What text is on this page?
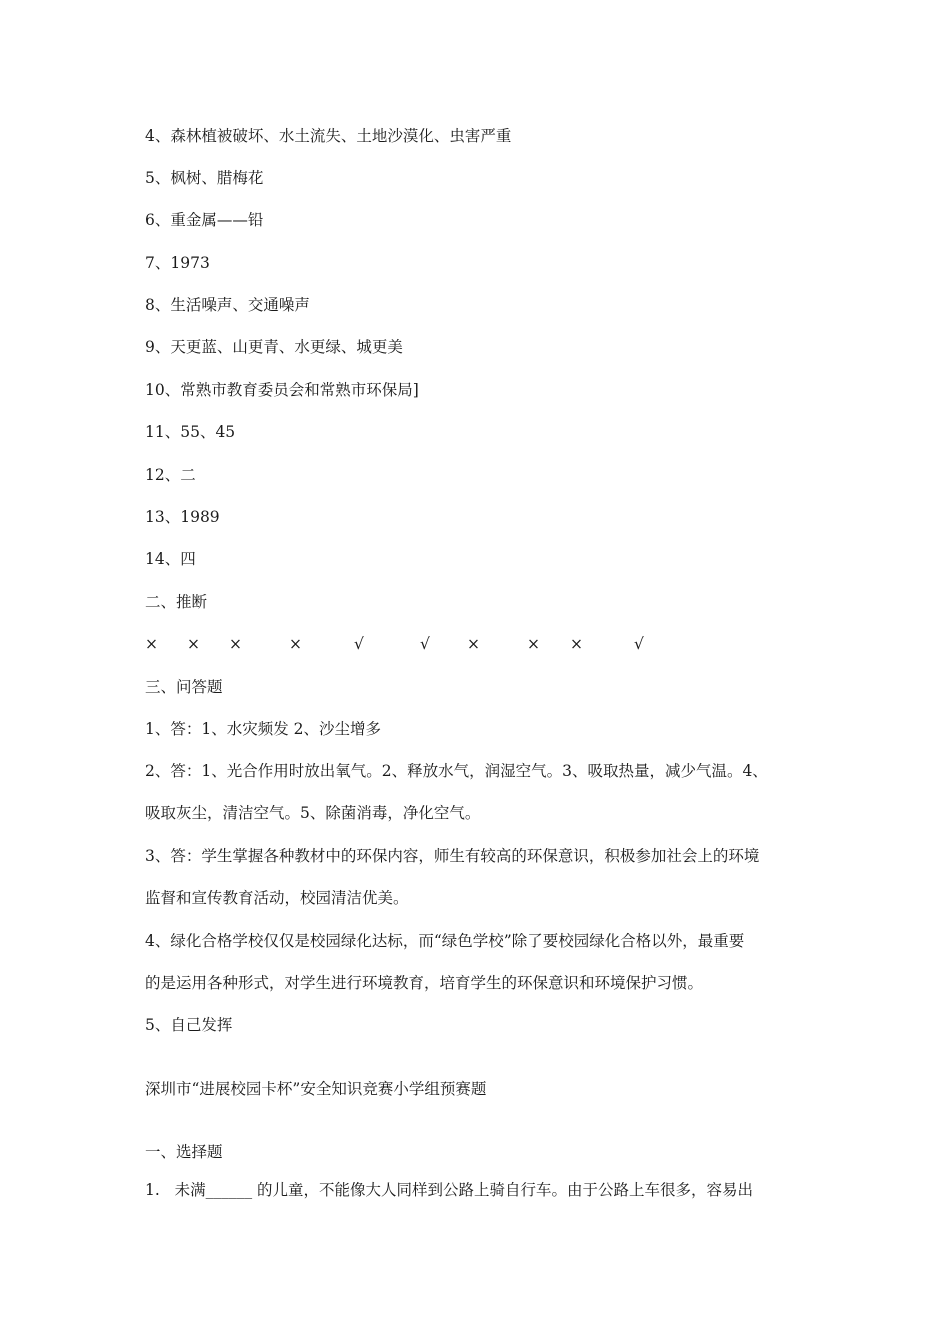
4、森林植被破坏、水土流失、土地沙漠化、虫害严重
5、枫树、腊梅花
6、重金属——铅
7、1973
8、生活噪声、交通噪声
9、天更蓝、山更青、水更绿、城更美
10、常熟市教育委员会和常熟市环保局]
11、55、45
12、二
13、1989
14、四
二、推断
× × ×	×	√	√ ×	× ×	√
三、问答题
1、答：1、水灾频发 2、沙尘增多
2、答：1、光合作用时放出氧气。2、释放水气，润湿空气。3、吸取热量，减少气温。4、
吸取灰尘，清洁空气。5、除菌消毒，净化空气。
3、答：学生掌握各种教材中的环保内容，师生有较高的环保意识，积极参加社会上的环境
监督和宣传教育活动，校园清洁优美。
4、绿化合格学校仅仅是校园绿化达标，而“绿色学校”除了要校园绿化合格以外，最重要
的是运用各种形式，对学生进行环境教育，培育学生的环保意识和环境保护习惯。
5、自己发挥
深圳市“进展校园卡杯”安全知识竞赛小学组预赛题
一、选择题
1.   未满______ 的儿童，不能像大人同样到公路上骑自行车。由于公路上车很多，容易出
